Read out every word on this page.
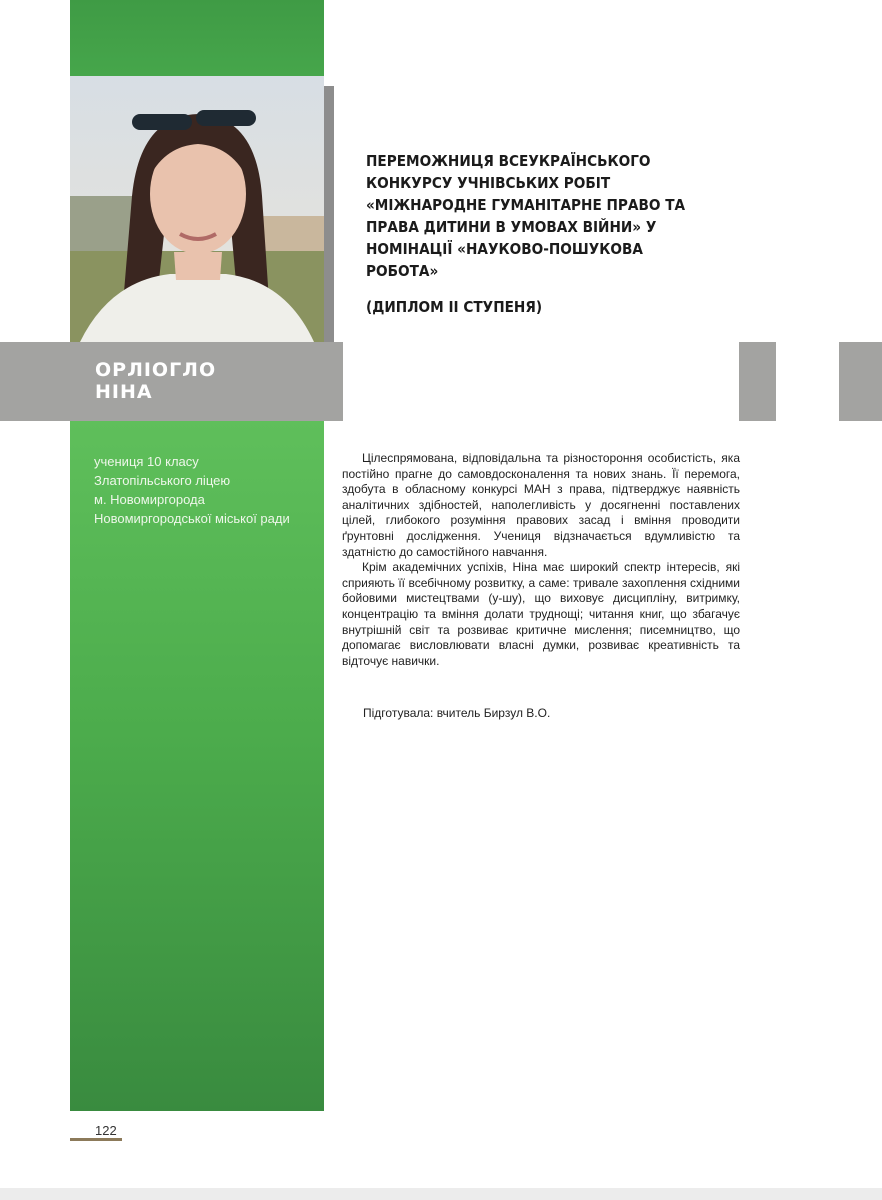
ОРЛІОГЛО
НІНА
учениця 10 класу
Златопільського ліцею
м. Новомиргорода
Новомиргородської міської ради
ПЕРЕМОЖНИЦЯ ВСЕУКРАЇНСЬКОГО КОНКУРСУ УЧНІВСЬКИХ РОБІТ «МІЖНАРОДНЕ ГУМАНІТАРНЕ ПРАВО ТА ПРАВА ДИТИНИ В УМОВАХ ВІЙНИ» У НОМІНАЦІЇ «НАУКОВО-ПОШУКОВА РОБОТА»
(ДИПЛОМ ІІ СТУПЕНЯ)

Цілеспрямована, відповідальна та різностороння особистість, яка постійно прагне до самовдосконалення та нових знань. Її перемога, здобута в обласному конкурсі МАН з права, підтверджує наявність аналітичних здібностей, наполегливість у досягненні поставлених цілей, глибокого розуміння правових засад і вміння проводити ґрунтовні дослідження. Учениця відзначається вдумливістю та здатністю до самостійного навчання.

Крім академічних успіхів, Ніна має широкий спектр інтересів, які сприяють її всебічному розвитку, а саме: тривале захоплення східними бойовими мистецтвами (у-шу), що виховує дисципліну, витримку, концентрацію та вміння долати труднощі; читання книг, що збагачує внутрішній світ та розвиває критичне мислення; писемництво, що допомагає висловлювати власні думки, розвиває креативність та відточує навички.

Підготувала: вчитель Бирзул В.О.
122
